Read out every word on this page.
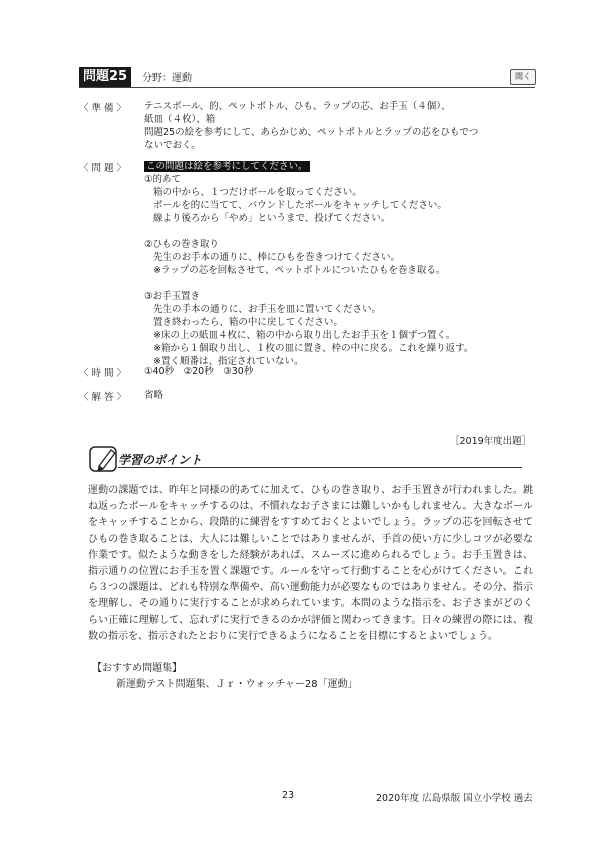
問題25	分野：運動	聞く
〈 準 備 〉	テニスボール、的、ペットボトル、ひも、ラップの芯、お手玉（４個）、

紙皿（４枚）、箱

問題25の絵を参考にして、あらかじめ、ペットボトルとラップの芯をひもでつ

ないでおく。

〈 問 題 〉	この問題は絵を参考にしてください。

①的あて

箱の中から、１つだけボールを取ってください。

ボールを的に当てて、バウンドしたボールをキャッチしてください。

線より後ろから「やめ」というまで、投げてください。

②ひもの巻き取り

先生のお手本の通りに、棒にひもを巻きつけてください。

※ラップの芯を回転させて、ペットボトルについたひもを巻き取る。

③お手玉置き

先生の手本の通りに、お手玉を皿に置いてください。

置き終わったら、箱の中に戻してください。

※床の上の紙皿４枚に、箱の中から取り出したお手玉を１個ずつ置く。

※箱から１個取り出し、１枚の皿に置き、枠の中に戻る。これを繰り返す。

※置く順番は、指定されていない。

〈 時 間 〉	①40秒　②20秒　③30秒
〈 解 答 〉	省略
［2019年度出題］
学習のポイント
運動の課題では、昨年と同様の的あてに加えて、ひもの巻き取り、お手玉置きが行われました。跳ね返ったボールをキャッチするのは、不慣れなお子さまには難しいかもしれません。大きなボールをキャッチすることから、段階的に練習をすすめておくとよいでしょう。ラップの芯を回転させてひもの巻き取ることは、大人には難しいことではありませんが、手首の使い方に少しコツが必要な作業です。似たような動きをした経験があれば、スムーズに進められるでしょう。お手玉置きは、指示通りの位置にお手玉を置く課題です。ルールを守って行動することを心がけてください。これら３つの課題は、どれも特別な準備や、高い運動能力が必要なものではありません。その分、指示を理解し、その通りに実行することが求められています。本問のような指示を、お子さまがどのくらい正確に理解して、忘れずに実行できるのかが評価と関わってきます。日々の練習の際には、複数の指示を、指示されたとおりに実行できるようになることを目標にするとよいでしょう。
【おすすめ問題集】
新運動テスト問題集、Ｊｒ・ウォッチャー28「運動」
23	2020年度 広島県版 国立小学校 過去
